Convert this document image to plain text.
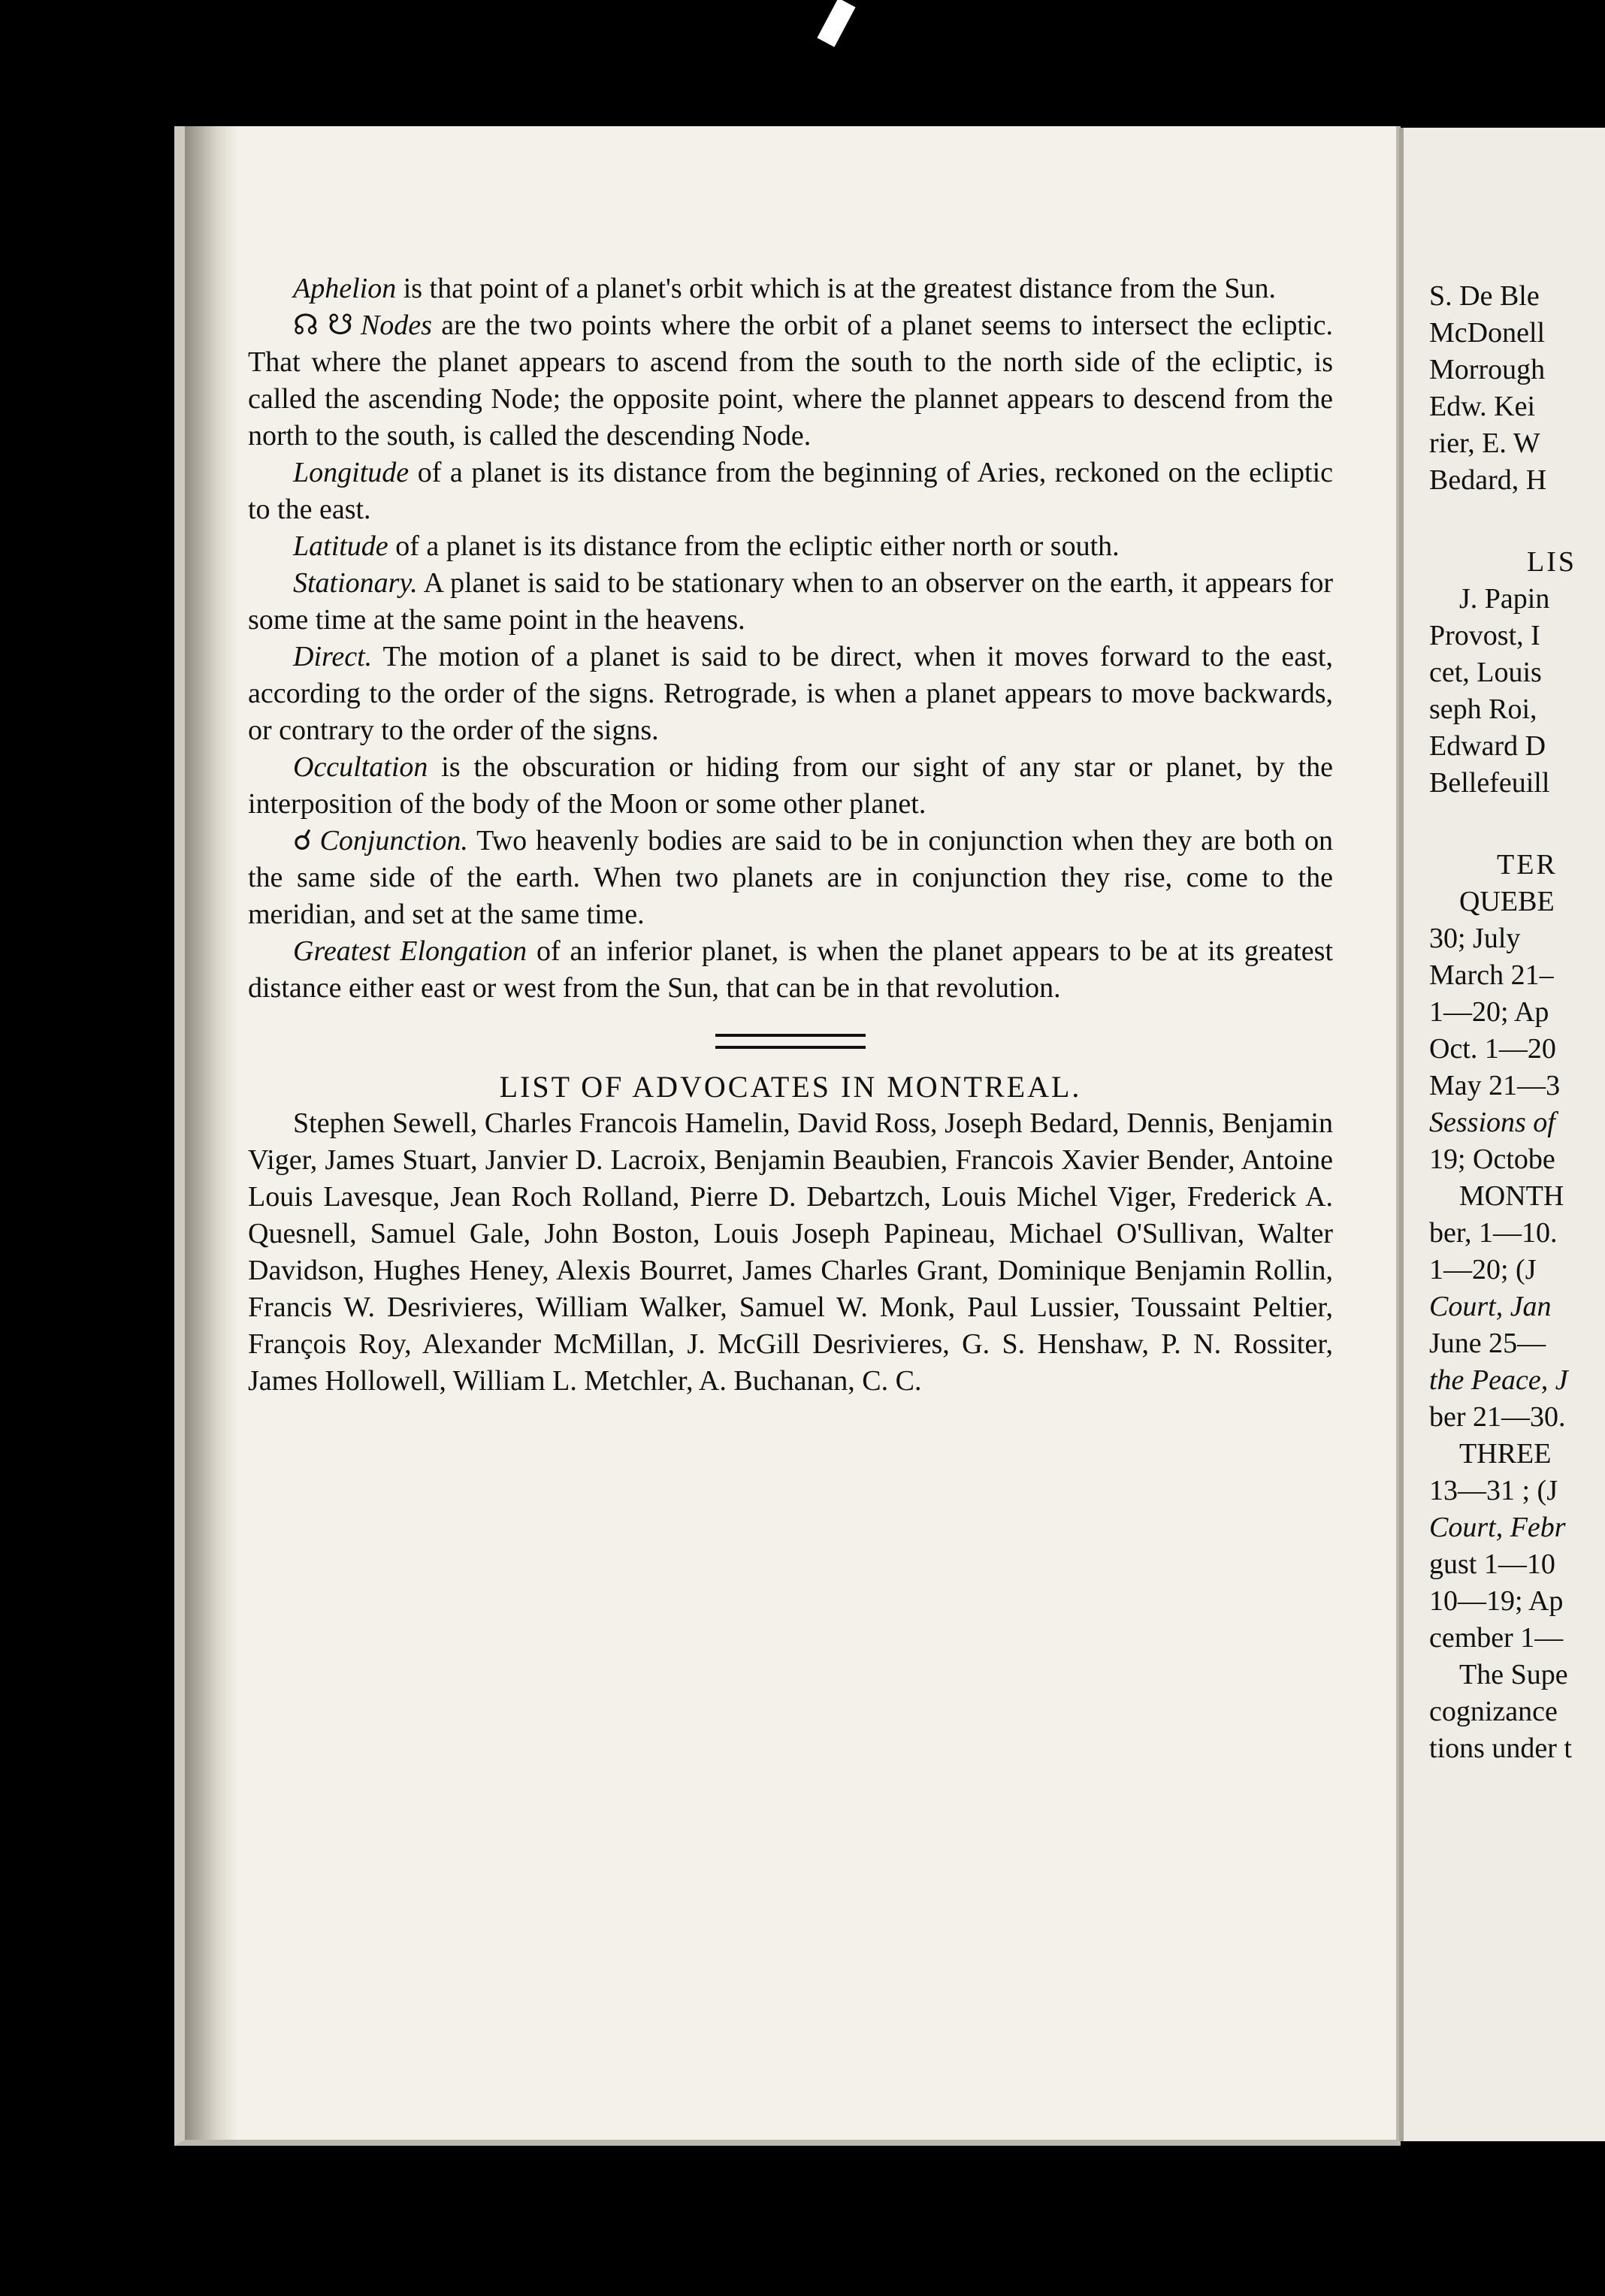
Aphelion is that point of a planet's orbit which is at the greatest distance from the Sun.

☊ ☋ Nodes are the two points where the orbit of a planet seems to intersect the ecliptic. That where the planet appears to ascend from the south to the north side of the ecliptic, is called the ascending Node; the opposite point, where the plannet appears to descend from the north to the south, is called the descending Node.

Longitude of a planet is its distance from the beginning of Aries, reckoned on the ecliptic to the east.

Latitude of a planet is its distance from the ecliptic either north or south.

Stationary. A planet is said to be stationary when to an observer on the earth, it appears for some time at the same point in the heavens.

Direct. The motion of a planet is said to be direct, when it moves forward to the east, according to the order of the signs. Retrograde, is when a planet appears to move backwards, or contrary to the order of the signs.

Occultation is the obscuration or hiding from our sight of any star or planet, by the interposition of the body of the Moon or some other planet.

☌ Conjunction. Two heavenly bodies are said to be in conjunction when they are both on the same side of the earth. When two planets are in conjunction they rise, come to the meridian, and set at the same time.

Greatest Elongation of an inferior planet, is when the planet appears to be at its greatest distance either east or west from the Sun, that can be in that revolution.

LIST OF ADVOCATES IN MONTREAL.

Stephen Sewell, Charles Francois Hamelin, David Ross, Joseph Bedard, Dennis, Benjamin Viger, James Stuart, Janvier D. Lacroix, Benjamin Beaubien, Francois Xavier Bender, Antoine Louis Lavesque, Jean Roch Rolland, Pierre D. Debartzch, Louis Michel Viger, Frederick A. Quesnell, Samuel Gale, John Boston, Louis Joseph Papineau, Michael O'Sullivan, Walter Davidson, Hughes Heney, Alexis Bourret, James Charles Grant, Dominique Benjamin Rollin, Francis W. Desrivieres, William Walker, Samuel W. Monk, Paul Lussier, Toussaint Peltier, François Roy, Alexander McMillan, J. McGill Desrivieres, G. S. Henshaw, P. N. Rossiter, James Hollowell, William L. Metchler, A. Buchanan, C. C.

S. De Ble
McDonell
Morrough
Edw. Kei
rier, E. W
Bedard, H
LIS
J. Papin
Provost, I
cet, Louis
seph Roi,
Edward D
Bellefeuill
TER
QUEBE
30; July
March 21–
1—20; Ap
Oct. 1—20
May 21—3
Sessions of
19; Octobe
MONTH
ber, 1—10.
1—20; (J
Court, Jan
June 25—
the Peace, J
ber 21—30.
THREE
13—31 ; (J
Court, Febr
gust 1—10
10—19; Ap
cember 1—
The Supe
cognizance
tions under t
